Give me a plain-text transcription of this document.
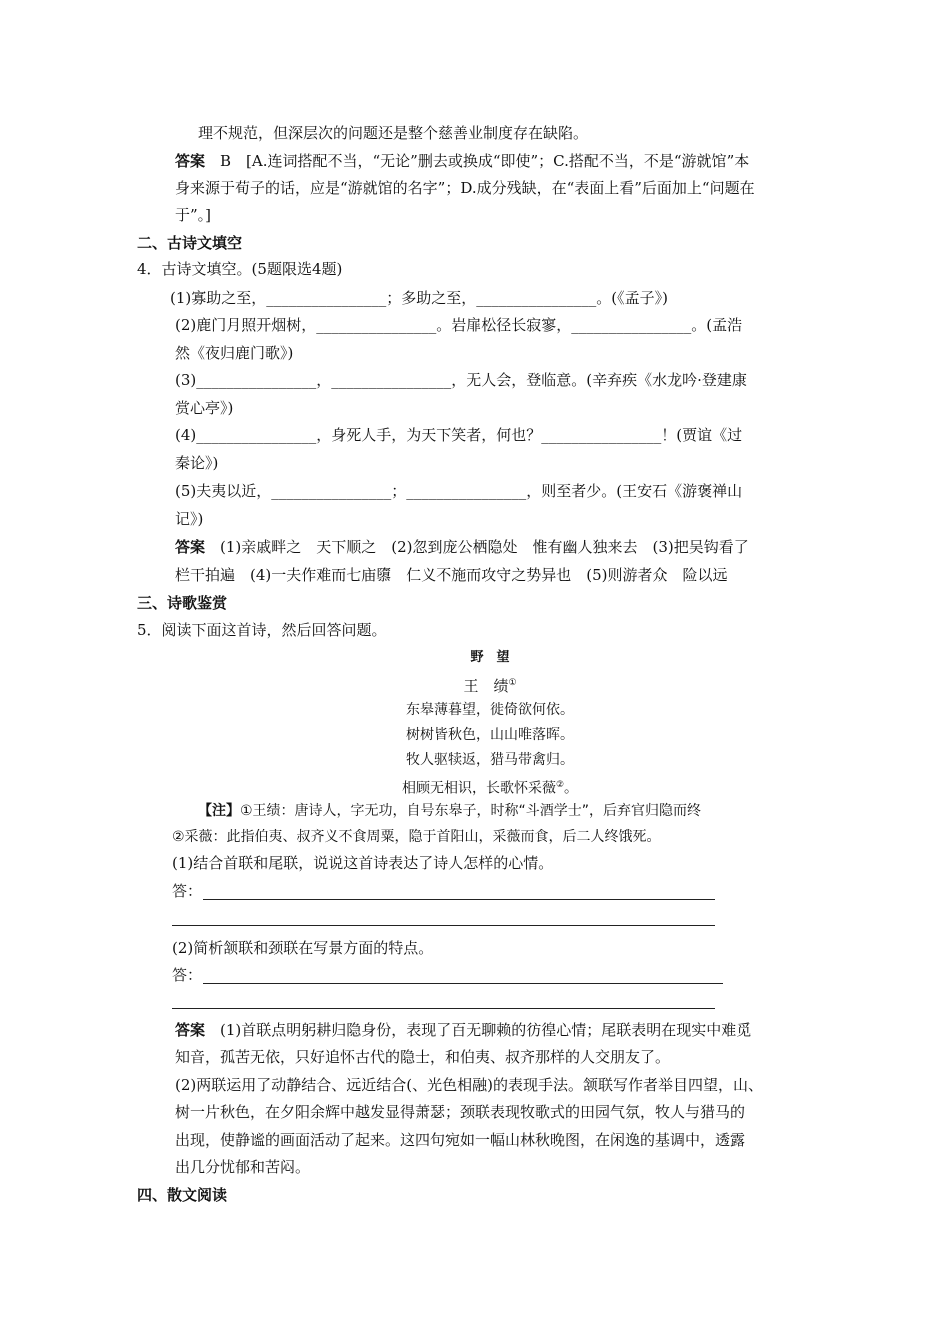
理不规范，但深层次的问题还是整个慈善业制度存在缺陷。
答案　 B　[A.连词搭配不当，“无论”删去或换成“即使”；C.搭配不当，不是“游就馆”本
身来源于荀子的话，应是“游就馆的名字”；D.成分残缺，在“表面上看”后面加上“问题在
于”。]
二、古诗文填空
4．古诗文填空。(5题限选4题)
(1)寡助之至，________________；多助之至，________________。(《孟子》)
(2)鹿门月照开烟树，________________。岩扉松径长寂寥，________________。(孟浩
然《夜归鹿门歌》)
(3)________________，________________，无人会，登临意。(辛弃疾《水龙吟·登建康
赏心亭》)
(4)________________，身死人手，为天下笑者，何也？________________！(贾谊《过
秦论》)
(5)夫夷以近，________________；________________，则至者少。(王安石《游褒禅山
记》)
答案　 (1)亲戚畔之　天下顺之　(2)忽到庞公栖隐处　惟有幽人独来去　(3)把吴钩看了
栏干拍遍　(4)一夫作难而七庙隳　仁义不施而攻守之势异也　(5)则游者众　险以远
三、诗歌鉴赏
5．阅读下面这首诗，然后回答问题。
野　望
王　绩①
东皋薄暮望，徙倚欲何依。
树树皆秋色，山山唯落晖。
牧人驱犊返，猎马带禽归。
相顾无相识，长歌怀采薇②。
【注】①王绩：唐诗人，字无功，自号东皋子，时称“斗酒学士”，后弃官归隐而终
②采薇：此指伯夷、叔齐义不食周粟，隐于首阳山，采薇而食，后二人终饿死。
(1)结合首联和尾联，说说这首诗表达了诗人怎样的心情。
答：
(2)简析颔联和颈联在写景方面的特点。
答：
答案　 (1)首联点明躬耕归隐身份，表现了百无聊赖的彷徨心情；尾联表明在现实中难觅
知音，孤苦无依，只好追怀古代的隐士，和伯夷、叔齐那样的人交朋友了。
(2)两联运用了动静结合、远近结合(、光色相融)的表现手法。颔联写作者举目四望，山、
树一片秋色，在夕阳余辉中越发显得萧瑟；颈联表现牧歌式的田园气氛，牧人与猎马的
出现，使静谧的画面活动了起来。这四句宛如一幅山林秋晚图，在闲逸的基调中，透露
出几分忧郁和苦闷。
四、散文阅读
